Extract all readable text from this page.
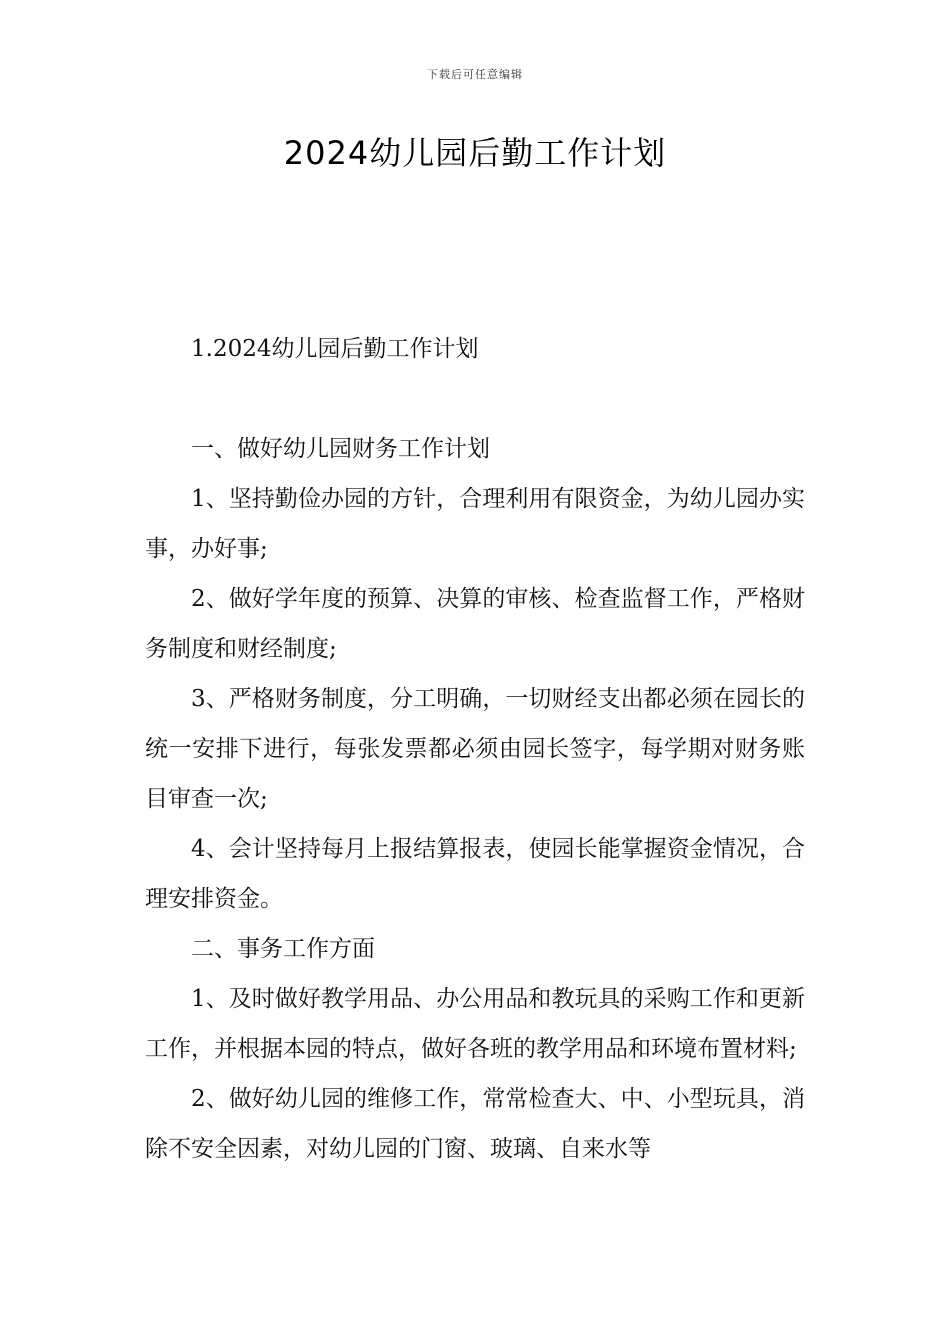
下载后可任意编辑
2024幼儿园后勤工作计划

1.2024幼儿园后勤工作计划

一、做好幼儿园财务工作计划

1、坚持勤俭办园的方针，合理利用有限资金，为幼儿园办实事，办好事;

2、做好学年度的预算、决算的审核、检查监督工作，严格财务制度和财经制度;

3、严格财务制度，分工明确，一切财经支出都必须在园长的统一安排下进行，每张发票都必须由园长签字，每学期对财务账目审查一次;

4、会计坚持每月上报结算报表，使园长能掌握资金情况，合理安排资金。

二、事务工作方面

1、及时做好教学用品、办公用品和教玩具的采购工作和更新工作，并根据本园的特点，做好各班的教学用品和环境布置材料;

2、做好幼儿园的维修工作，常常检查大、中、小型玩具，消除不安全因素，对幼儿园的门窗、玻璃、自来水等
